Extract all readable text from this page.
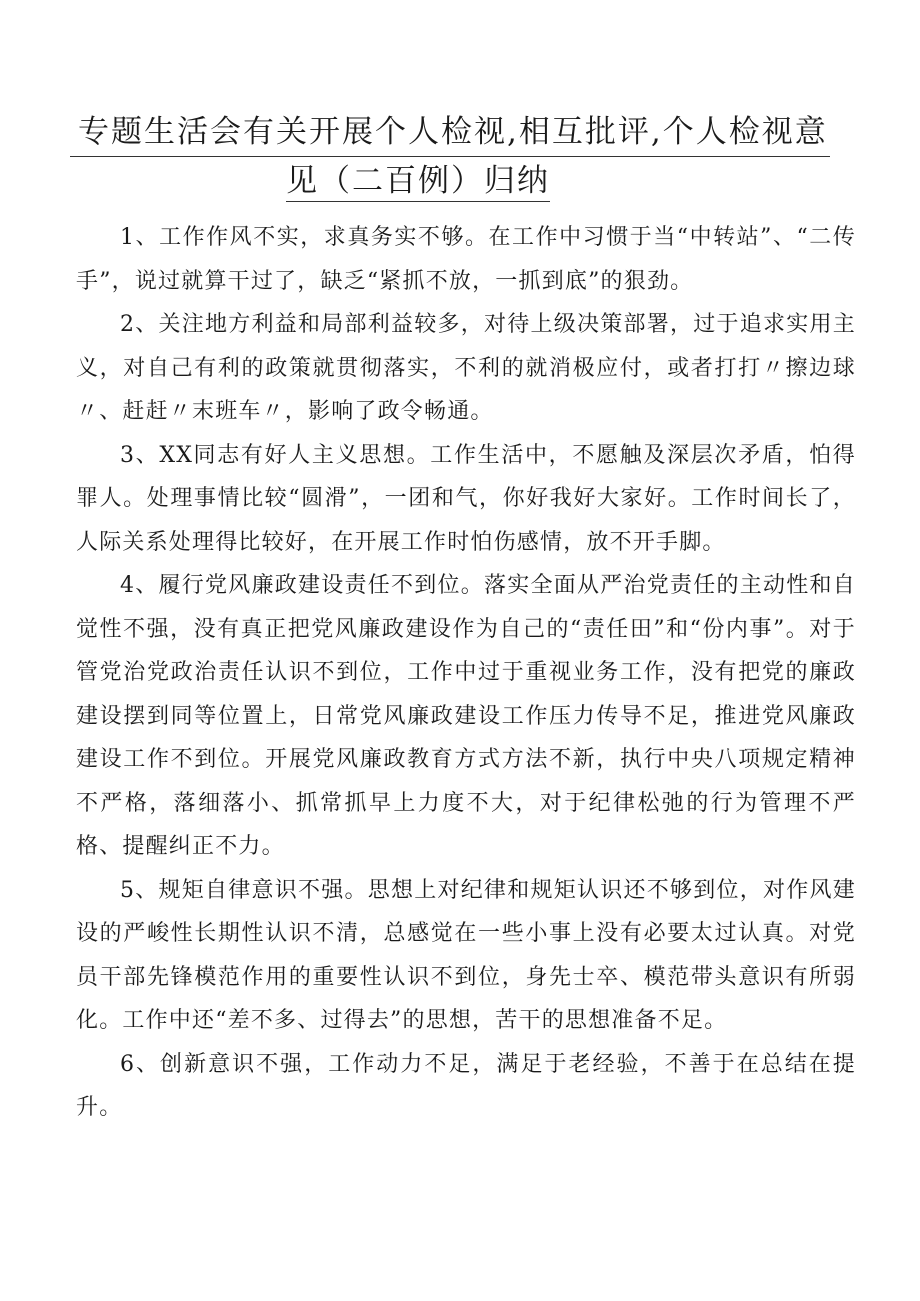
专题生活会有关开展个人检视,相互批评,个人检视意
见（二百例）归纳

1、工作作风不实，求真务实不够。在工作中习惯于当“中转站”、“二传手”，说过就算干过了，缺乏“紧抓不放，一抓到底”的狠劲。

2、关注地方利益和局部利益较多，对待上级决策部署，过于追求实用主义，对自己有利的政策就贯彻落实，不利的就消极应付，或者打打〃擦边球〃、赶赶〃末班车〃，影响了政令畅通。

3、XX同志有好人主义思想。工作生活中，不愿触及深层次矛盾，怕得罪人。处理事情比较“圆滑”，一团和气，你好我好大家好。工作时间长了，人际关系处理得比较好，在开展工作时怕伤感情，放不开手脚。

4、履行党风廉政建设责任不到位。落实全面从严治党责任的主动性和自觉性不强，没有真正把党风廉政建设作为自己的“责任田”和“份内事”。对于管党治党政治责任认识不到位，工作中过于重视业务工作，没有把党的廉政建设摆到同等位置上，日常党风廉政建设工作压力传导不足，推进党风廉政建设工作不到位。开展党风廉政教育方式方法不新，执行中央八项规定精神不严格，落细落小、抓常抓早上力度不大，对于纪律松弛的行为管理不严格、提醒纠正不力。

5、规矩自律意识不强。思想上对纪律和规矩认识还不够到位，对作风建设的严峻性长期性认识不清，总感觉在一些小事上没有必要太过认真。对党员干部先锋模范作用的重要性认识不到位，身先士卒、模范带头意识有所弱化。工作中还“差不多、过得去”的思想，苦干的思想准备不足。

6、创新意识不强，工作动力不足，满足于老经验，不善于在总结在提升。
